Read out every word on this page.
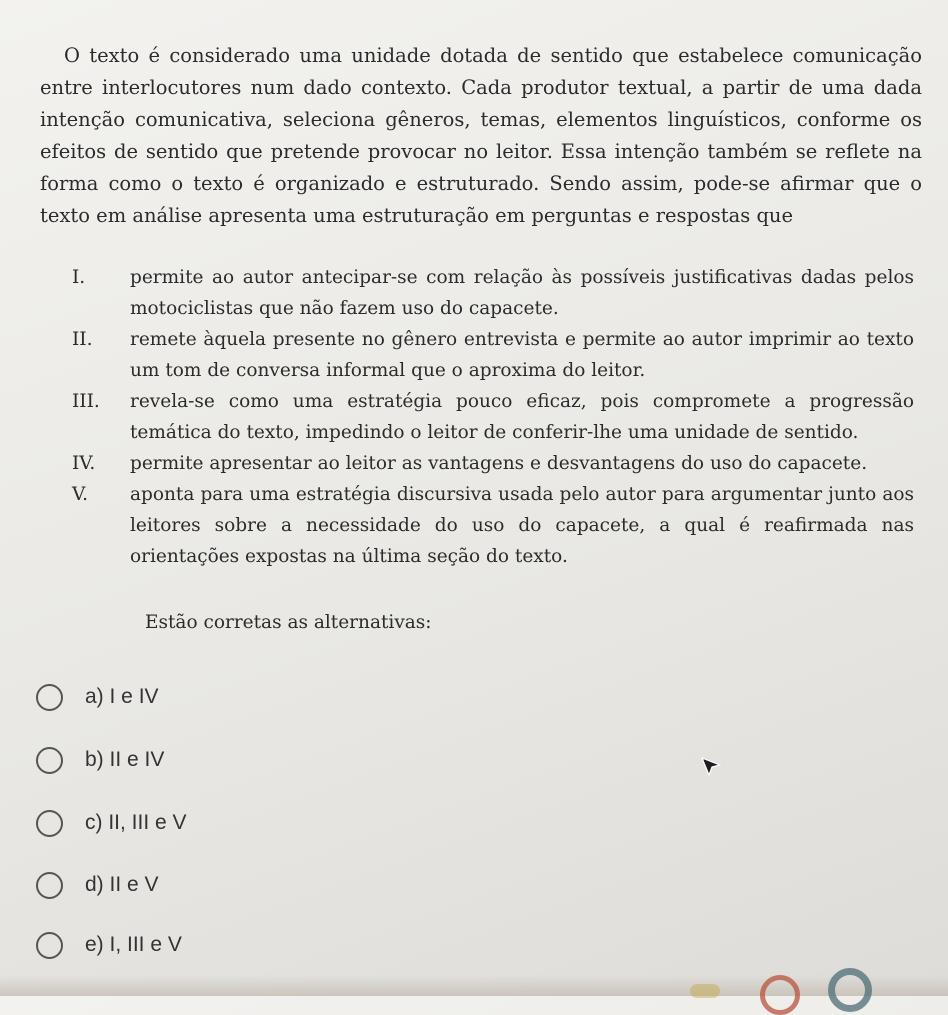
O texto é considerado uma unidade dotada de sentido que estabelece comunicação entre interlocutores num dado contexto. Cada produtor textual, a partir de uma dada intenção comunicativa, seleciona gêneros, temas, elementos linguísticos, conforme os efeitos de sentido que pretende provocar no leitor. Essa intenção também se reflete na forma como o texto é organizado e estruturado. Sendo assim, pode-se afirmar que o texto em análise apresenta uma estruturação em perguntas e respostas que

I.	permite ao autor antecipar-se com relação às possíveis justificativas dadas pelos motociclistas que não fazem uso do capacete.
II.	remete àquela presente no gênero entrevista e permite ao autor imprimir ao texto um tom de conversa informal que o aproxima do leitor.
III.	revela-se como uma estratégia pouco eficaz, pois compromete a progressão temática do texto, impedindo o leitor de conferir-lhe uma unidade de sentido.
IV.	permite apresentar ao leitor as vantagens e desvantagens do uso do capacete.
V.	aponta para uma estratégia discursiva usada pelo autor para argumentar junto aos leitores sobre a necessidade do uso do capacete, a qual é reafirmada nas orientações expostas na última seção do texto.

Estão corretas as alternativas:

a) I e IV
b) II e IV
c) II, III e V
d) II e V
e) I, III e V
